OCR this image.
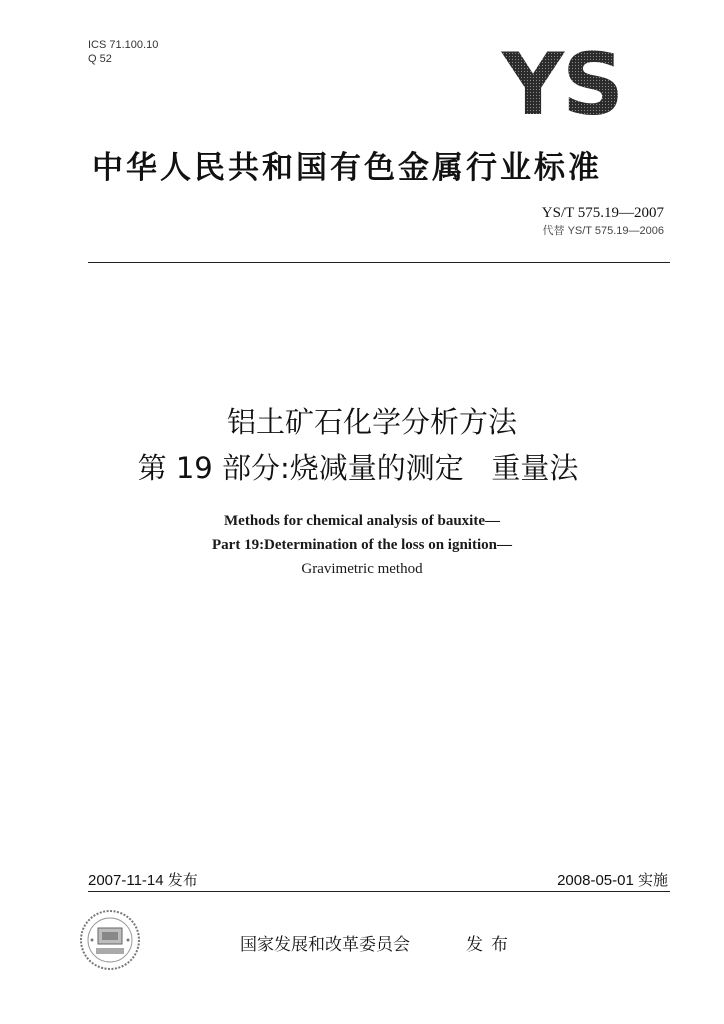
ICS 71.100.10
Q 52	YS
中华人民共和国有色金属行业标准
YS/T 575.19—2007
代替 YS/T 575.19—2006
铝土矿石化学分析方法
第 19 部分:烧减量的测定   重量法
Methods for chemical analysis of bauxite—
Part 19:Determination of the loss on ignition—
Gravimetric method
2007-11-14 发布	2008-05-01 实施
国家发展和改革委员会	发布
